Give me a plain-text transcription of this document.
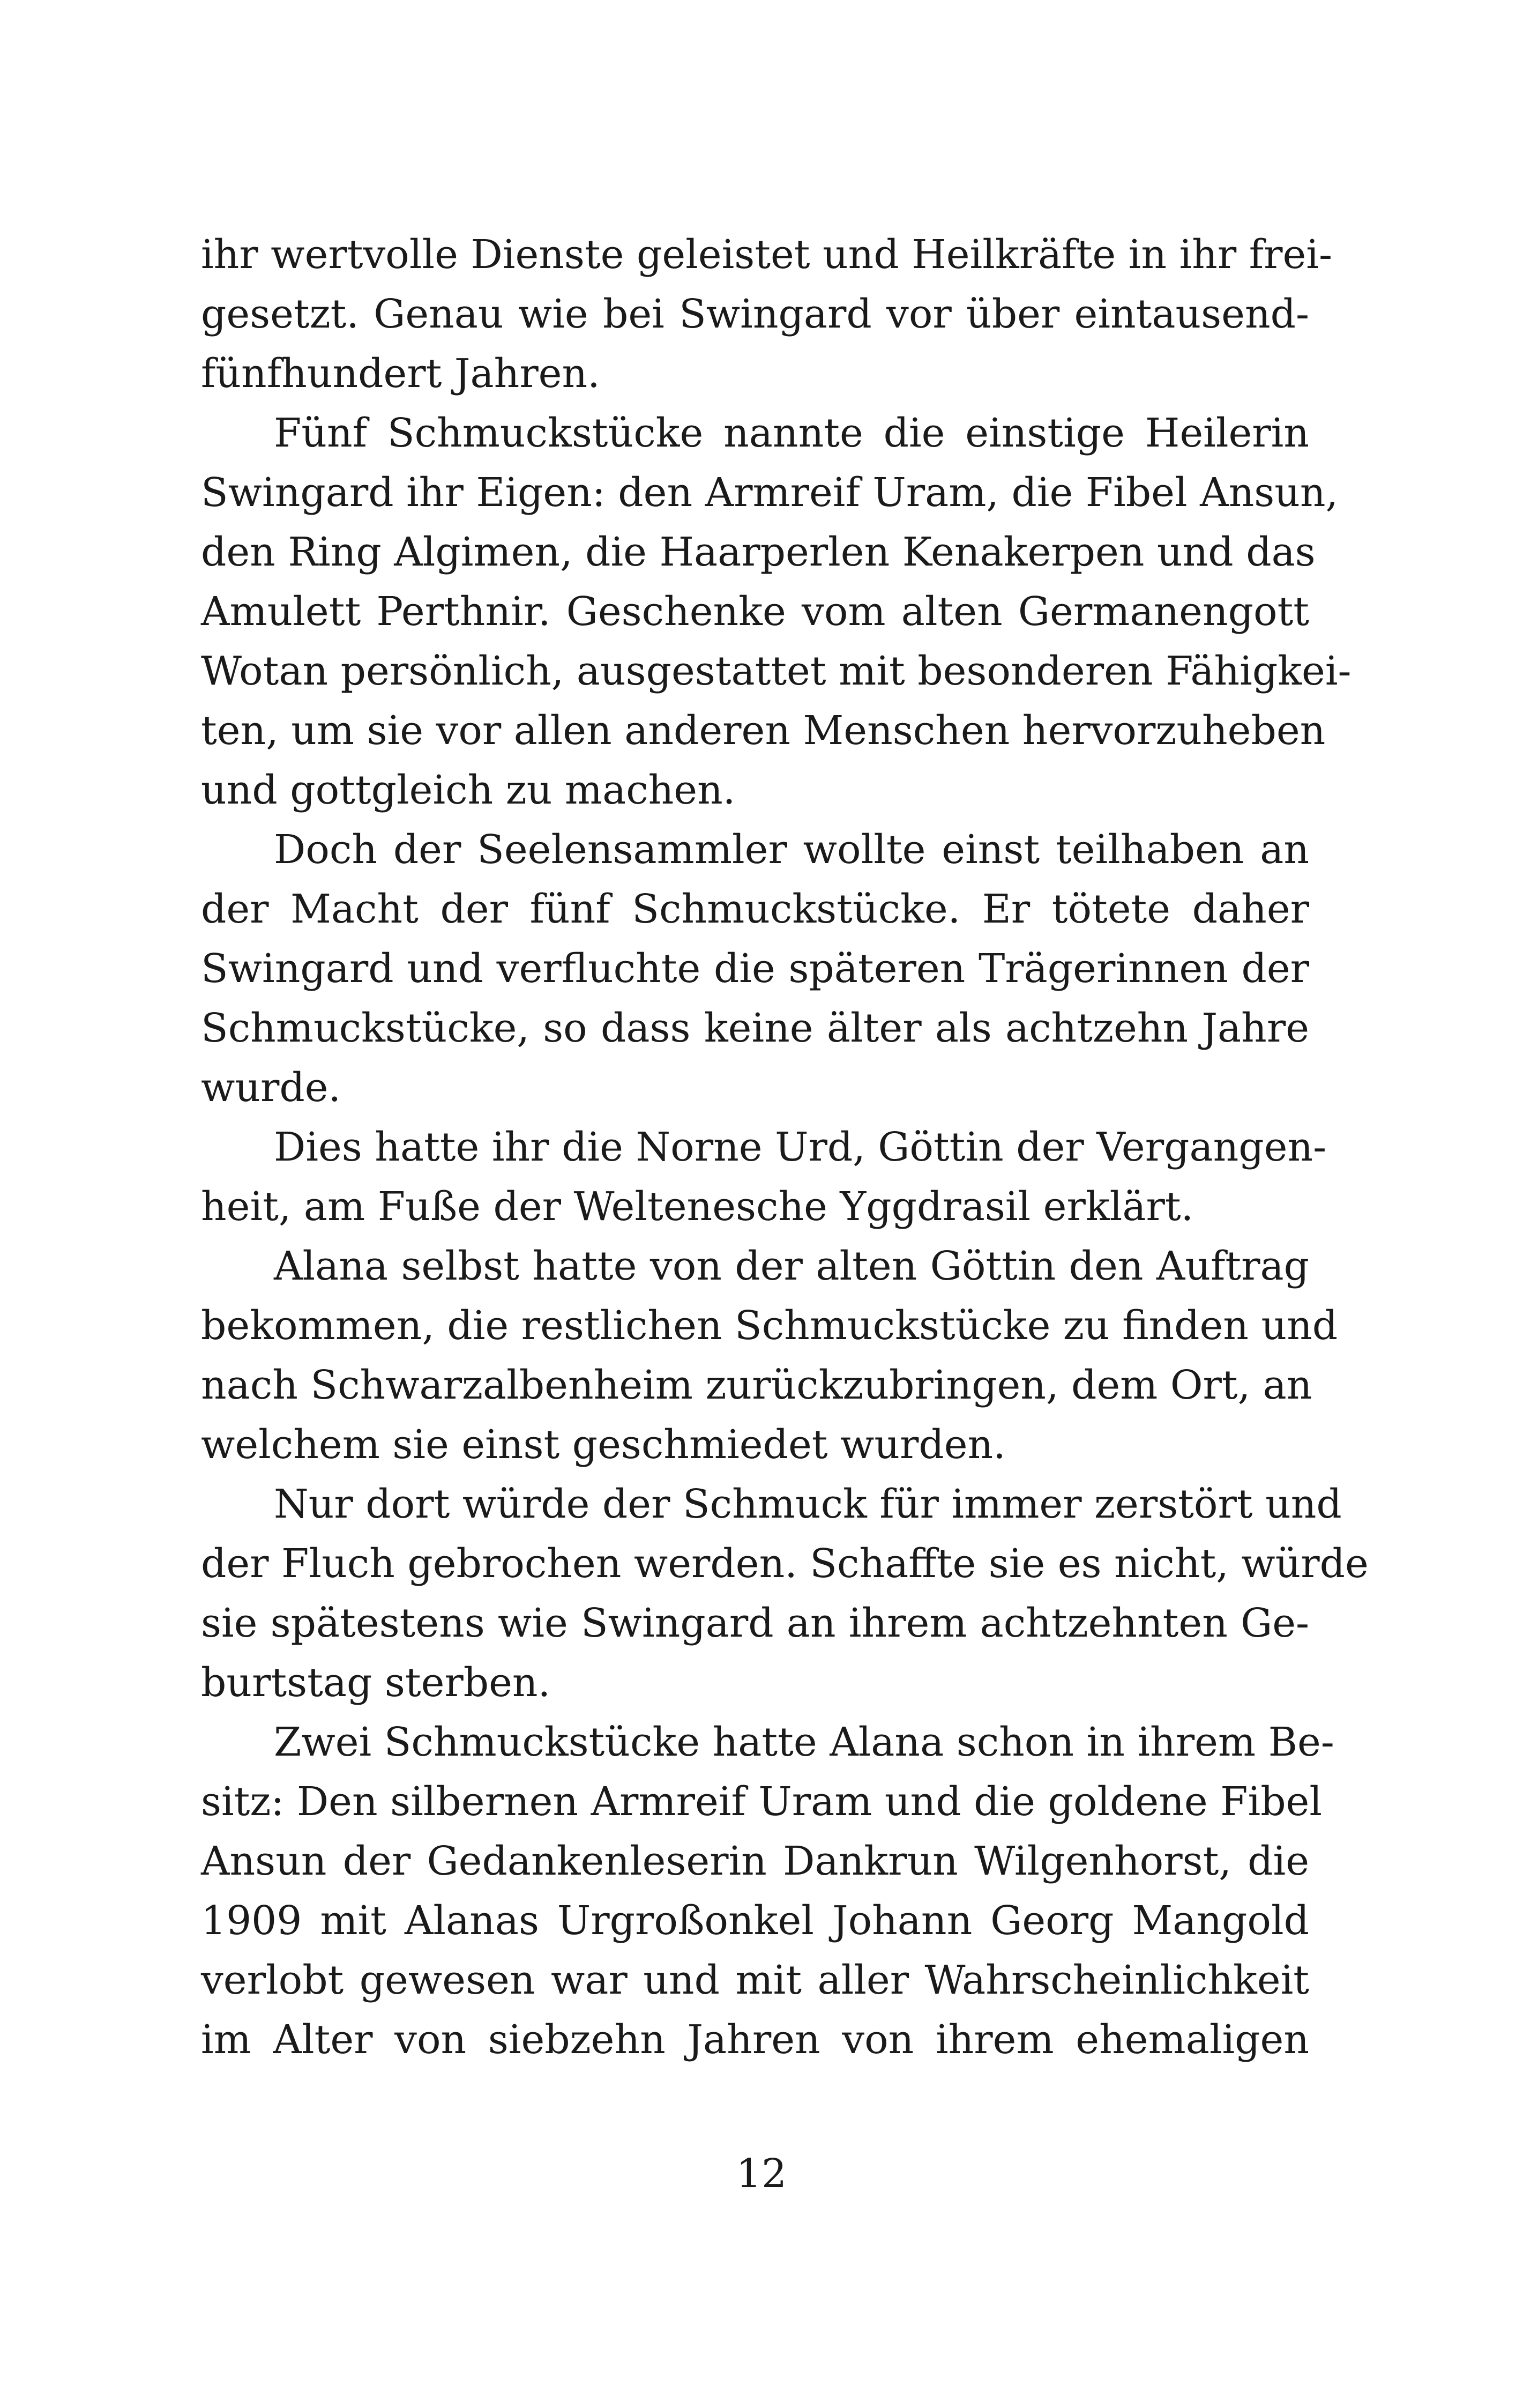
ihr wertvolle Dienste geleistet und Heilkräfte in ihr frei-
gesetzt. Genau wie bei Swingard vor über eintausend-
fünfhundert Jahren.
Fünf Schmuckstücke nannte die einstige Heilerin
Swingard ihr Eigen: den Armreif Uram, die Fibel Ansun,
den Ring Algimen, die Haarperlen Kenakerpen und das
Amulett Perthnir. Geschenke vom alten Germanengott
Wotan persönlich, ausgestattet mit besonderen Fähigkei-
ten, um sie vor allen anderen Menschen hervorzuheben
und gottgleich zu machen.
Doch der Seelensammler wollte einst teilhaben an
der Macht der fünf Schmuckstücke. Er tötete daher
Swingard und verfluchte die späteren Trägerinnen der
Schmuckstücke, so dass keine älter als achtzehn Jahre
wurde.
Dies hatte ihr die Norne Urd, Göttin der Vergangen-
heit, am Fuße der Weltenesche Yggdrasil erklärt.
Alana selbst hatte von der alten Göttin den Auftrag
bekommen, die restlichen Schmuckstücke zu finden und
nach Schwarzalbenheim zurückzubringen, dem Ort, an
welchem sie einst geschmiedet wurden.
Nur dort würde der Schmuck für immer zerstört und
der Fluch gebrochen werden. Schaffte sie es nicht, würde
sie spätestens wie Swingard an ihrem achtzehnten Ge-
burtstag sterben.
Zwei Schmuckstücke hatte Alana schon in ihrem Be-
sitz: Den silbernen Armreif Uram und die goldene Fibel
Ansun der Gedankenleserin Dankrun Wilgenhorst, die
1909 mit Alanas Urgroßonkel Johann Georg Mangold
verlobt gewesen war und mit aller Wahrscheinlichkeit
im Alter von siebzehn Jahren von ihrem ehemaligen
12
